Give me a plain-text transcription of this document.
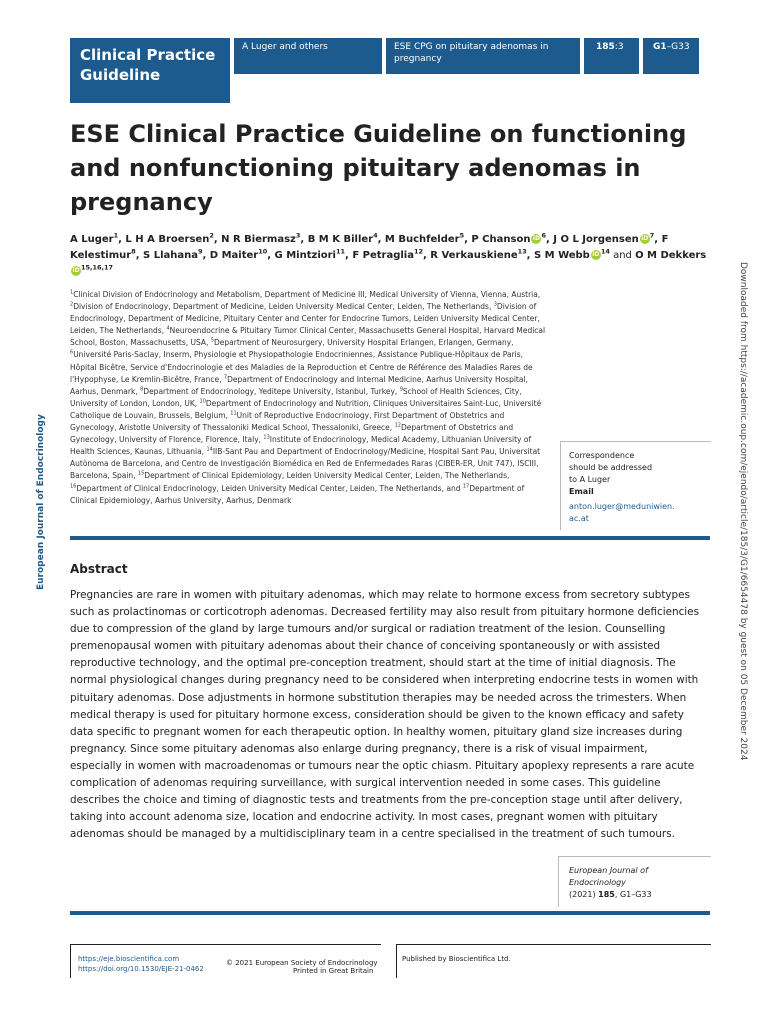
Clinical Practice Guideline
A Luger and others	ESE CPG on pituitary adenomas in pregnancy
185:3	G1–G33
ESE Clinical Practice Guideline on functioning and nonfunctioning pituitary adenomas in pregnancy
A Luger$^1$, L H A Broersen$^2$, N R Biermasz$^3$, B M K Biller$^4$, M Buchfelder$^5$, P Chanson $iD^6$, J O L Jorgensen $iD^7$, F Kelestimur$^8$, S Llahana$^9$, D Maiter$^{10}$, G Mintziori$^{11}$, F Petraglia$^{12}$, R Verkauskiene$^{13}$, S M Webb $iD^{14}$ and O M DekkersiD$^{15,16,17}$
$^1$Clinical Division of Endocrinology and Metabolism, Department of Medicine III, Medical University of Vienna, Vienna, Austria, $^2$Division of Endocrinology, Department of Medicine, Leiden University Medical Center, Leiden, The Netherlands, $^3$Division of Endocrinology, Department of Medicine, Pituitary Center and Center for Endocrine Tumors, Leiden University Medical Center, Leiden, The Netherlands, $^4$Neuroendocrine & Pituitary Tumor Clinical Center, Massachusetts General Hospital, Harvard Medical School, Boston, Massachusetts, USA, $^5$Department of Neurosurgery, University Hospital Erlangen, Erlangen, Germany, $^6$Université Paris-Saclay, Inserm, Physiologie et Physiopathologie Endocriniennes, Assistance Publique-Hôpitaux de Paris, Hôpital Bicêtre, Service d'Endocrinologie et des Maladies de la Reproduction et Centre de Référence des Maladies Rares de l'Hypophyse, Le Kremlin-Bicêtre, France, $^7$Department of Endocrinology and Internal Medicine, Aarhus University Hospital, Aarhus, Denmark, $^8$Department of Endocrinology, Yeditepe University, Istanbul, Turkey, $^9$School of Health Sciences, City, University of London, London, UK, $^{10}$Department of Endocrinology and Nutrition, Cliniques Universitaires Saint-Luc, Université Catholique de Louvain, Brussels, Belgium, $^{11}$Unit of Reproductive Endocrinology, First Department of Obstetrics and Gynecology, Aristotle University of Thessaloniki Medical School, Thessaloniki, Greece, $^{12}$Department of Obstetrics and Gynecology, University of Florence, Florence, Italy, $^{13}$Institute of Endocrinology, Medical Academy, Lithuanian University of Health Sciences, Kaunas, Lithuania, $^{14}$IIB-Sant Pau and Department of Endocrinology/Medicine, Hospital Sant Pau, Universitat Autònoma de Barcelona, and Centro de Investigación Biomédica en Red de Enfermedades Raras (CIBER-ER, Unit 747), ISCIII, Barcelona, Spain, $^{15}$Department of Clinical Epidemiology, Leiden University Medical Center, Leiden, The Netherlands, $^{16}$Department of Clinical Endocrinology, Leiden University Medical Center, Leiden, The Netherlands, and $^{17}$Department of Clinical Epidemiology, Aarhus University, Aarhus, Denmark
Correspondence
should be addressed
to A Luger
Email
anton.luger@meduniwien.
ac.at
Abstract
Pregnancies are rare in women with pituitary adenomas, which may relate to hormone excess from secretory subtypes such as prolactinomas or corticotroph adenomas. Decreased fertility may also result from pituitary hormone deficiencies due to compression of the gland by large tumours and/or surgical or radiation treatment of the lesion. Counselling premenopausal women with pituitary adenomas about their chance of conceiving spontaneously or with assisted reproductive technology, and the optimal pre-conception treatment, should start at the time of initial diagnosis. The normal physiological changes during pregnancy need to be considered when interpreting endocrine tests in women with pituitary adenomas. Dose adjustments in hormone substitution therapies may be needed across the trimesters. When medical therapy is used for pituitary hormone excess, consideration should be given to the known efficacy and safety data specific to pregnant women for each therapeutic option. In healthy women, pituitary gland size increases during pregnancy. Since some pituitary adenomas also enlarge during pregnancy, there is a risk of visual impairment, especially in women with macroadenomas or tumours near the optic chiasm. Pituitary apoplexy represents a rare acute complication of adenomas requiring surveillance, with surgical intervention needed in some cases. This guideline describes the choice and timing of diagnostic tests and treatments from the pre-conception stage until after delivery, taking into account adenoma size, location and endocrine activity. In most cases, pregnant women with pituitary adenomas should be managed by a multidisciplinary team in a centre specialised in the treatment of such tumours.
European Journal of
Endocrinology
(2021) 185, G1–G33
https://eje.bioscientifica.com
https://doi.org/10.1530/EJE-21-0462
© 2021 European Society of Endocrinology
Printed in Great Britain
Published by Bioscientifica Ltd.
European Journal of Endocrinology	Downloaded from https://academic.oup.com/ejendo/article/185/3/G1/6654478 by guest on 05 December 2024
